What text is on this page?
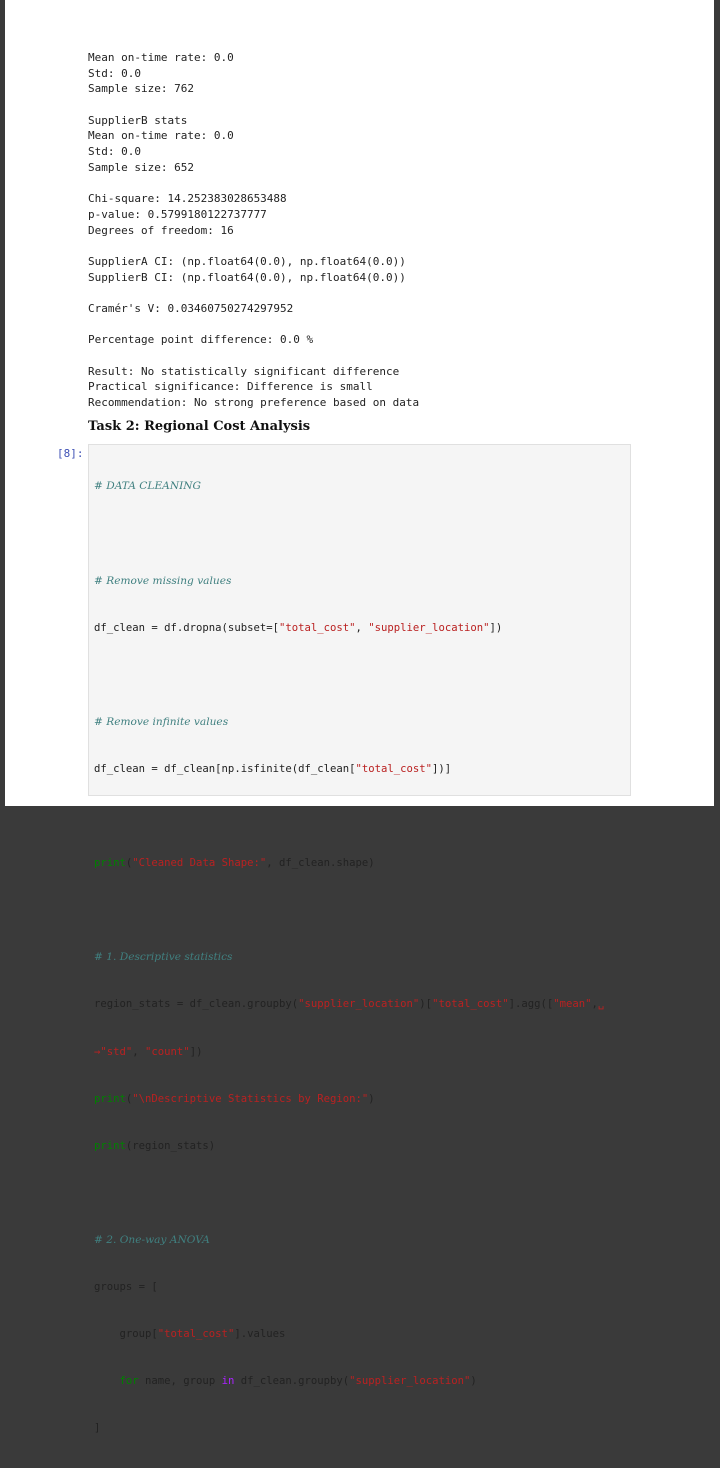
Mean on-time rate: 0.0
Std: 0.0
Sample size: 762
SupplierB stats
Mean on-time rate: 0.0
Std: 0.0
Sample size: 652
Chi-square: 14.252383028653488
p-value: 0.5799180122737777
Degrees of freedom: 16
SupplierA CI: (np.float64(0.0), np.float64(0.0))
SupplierB CI: (np.float64(0.0), np.float64(0.0))
Cramér's V: 0.03460750274297952
Percentage point difference: 0.0 %
Result: No statistically significant difference
Practical significance: Difference is small
Recommendation: No strong preference based on data
Task 2: Regional Cost Analysis
[8]:

# DATA CLEANING

# Remove missing values

df_clean = df.dropna(subset=["total_cost", "supplier_location"])

# Remove infinite values

df_clean = df_clean[np.isfinite(df_clean["total_cost"])]

print("Cleaned Data Shape:", df_clean.shape)

# 1. Descriptive statistics

region_stats = df_clean.groupby("supplier_location")["total_cost"].agg(["mean",␣

→"std", "count"])

print("\nDescriptive Statistics by Region:")

print(region_stats)

# 2. One-way ANOVA

groups = [

group["total_cost"].values

for name, group in df_clean.groupby("supplier_location")

]
